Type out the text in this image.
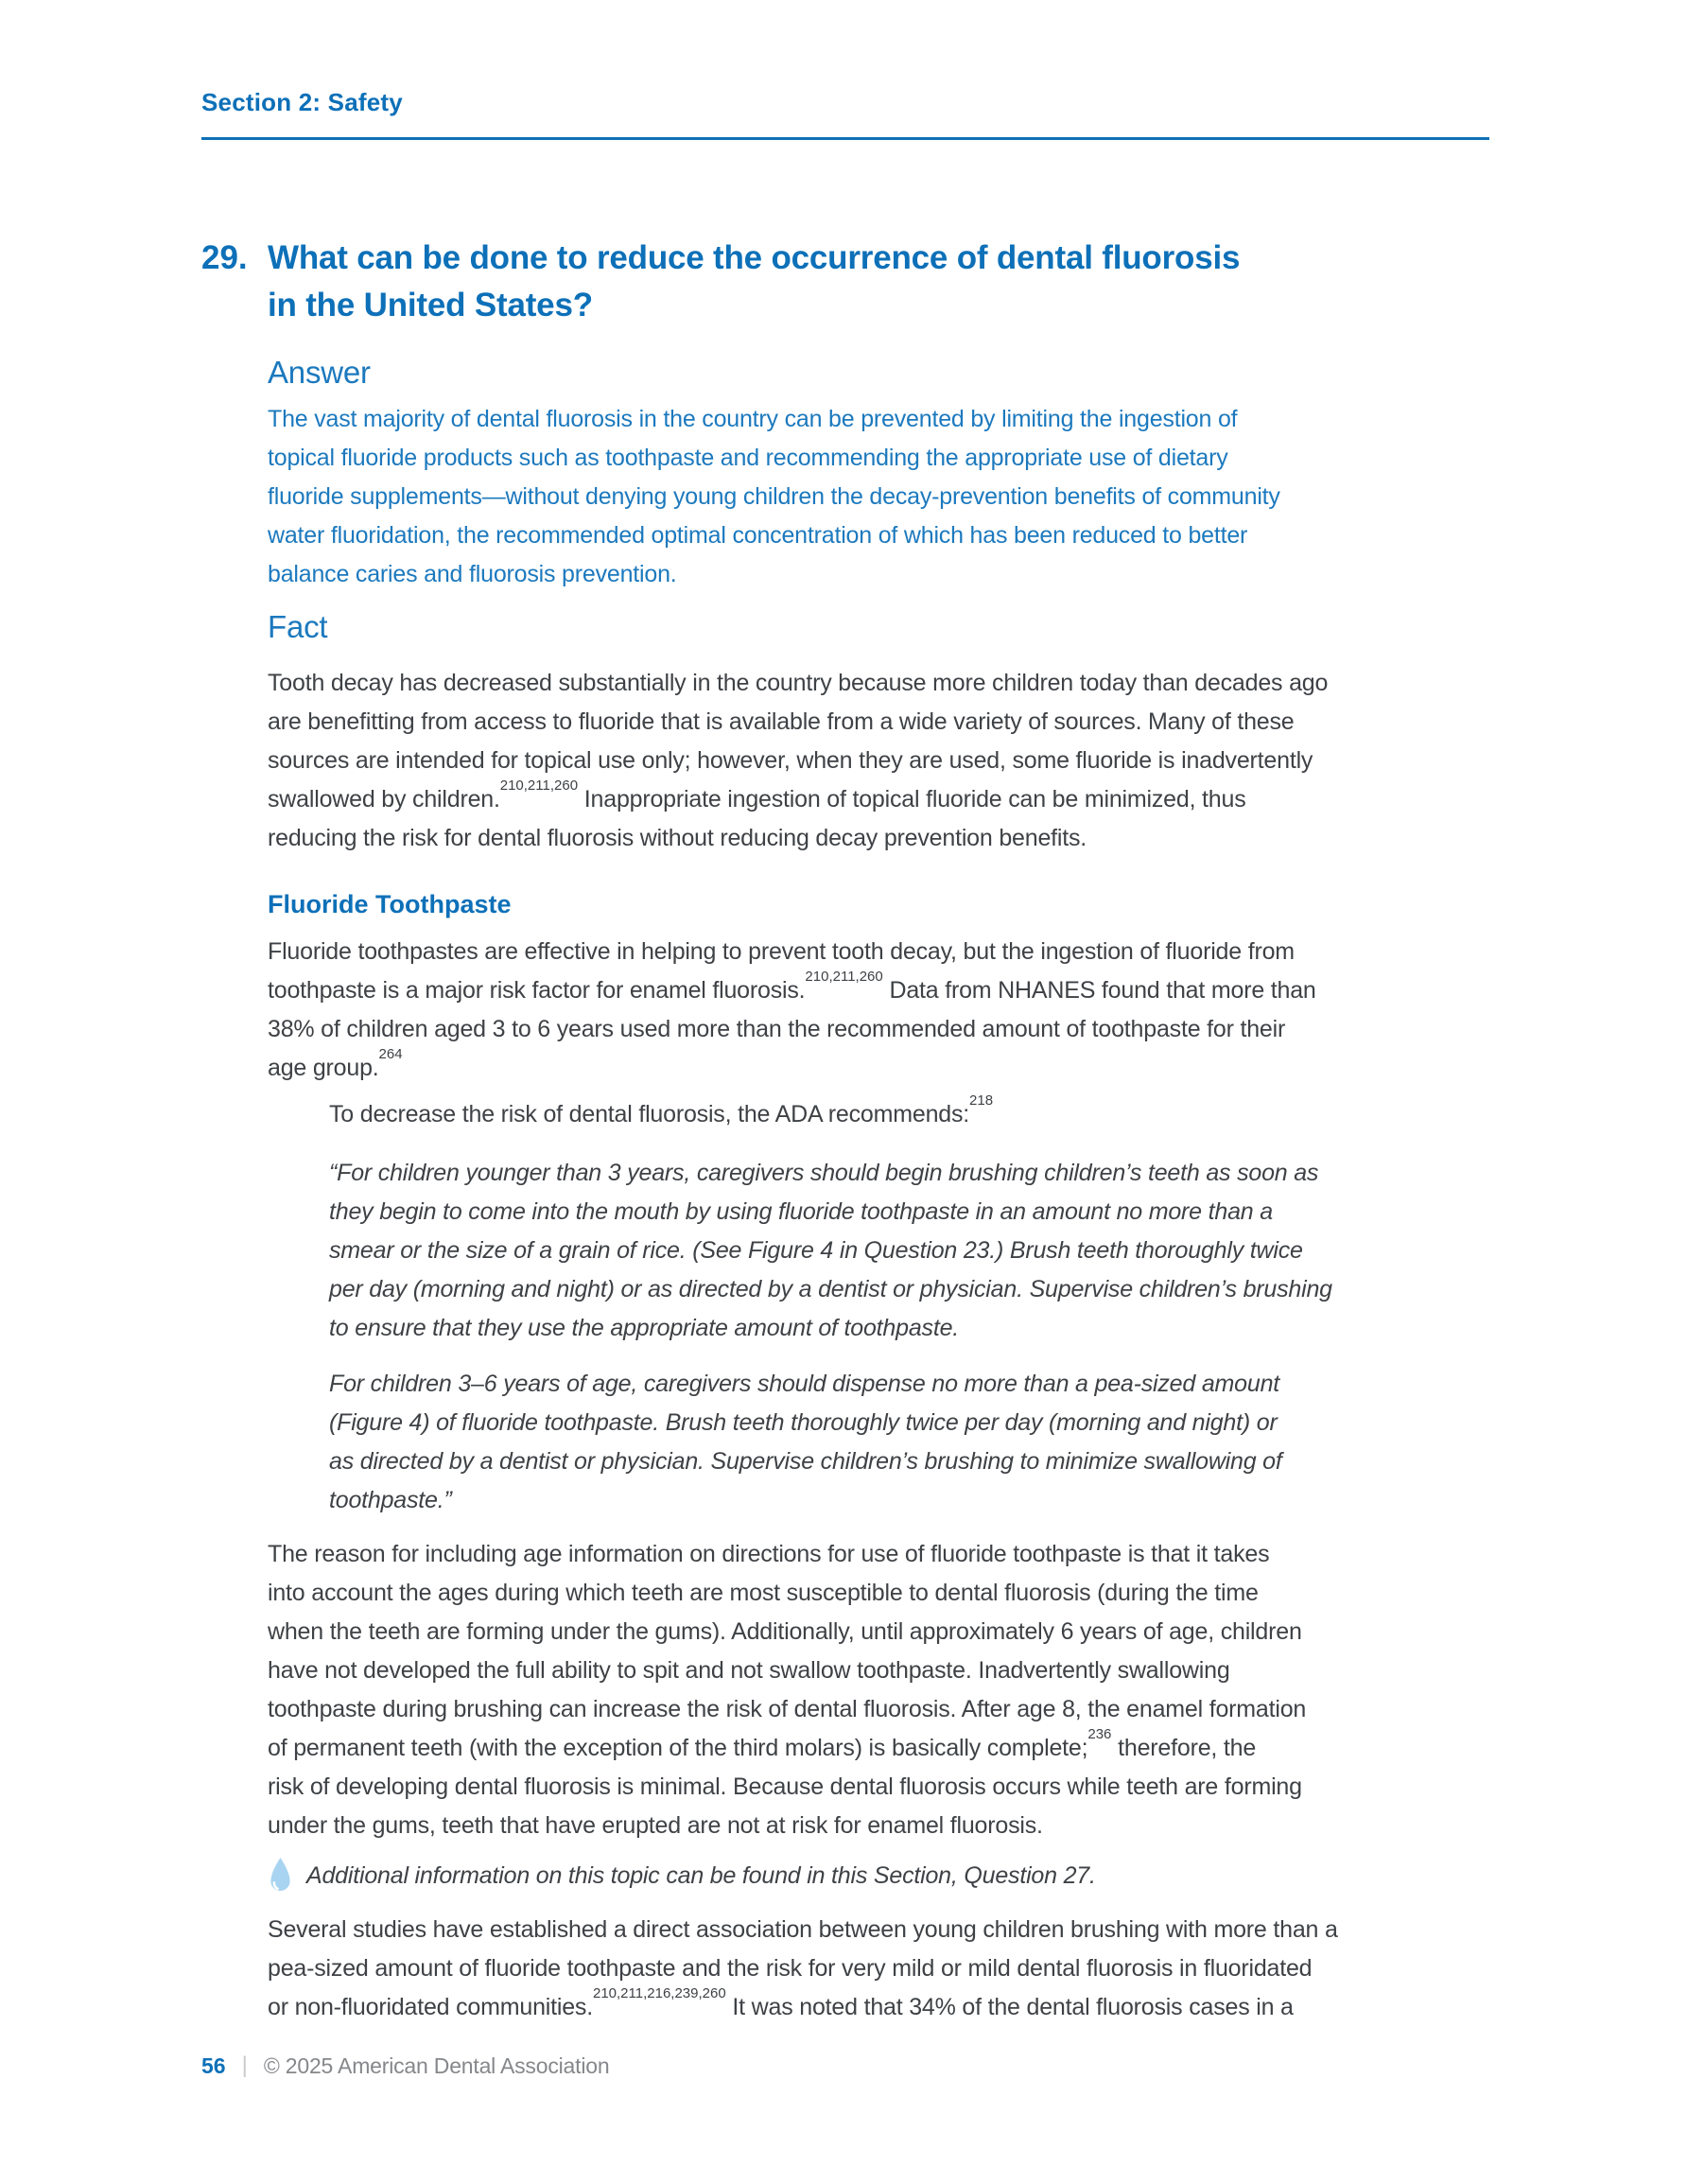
Section 2: Safety
29. What can be done to reduce the occurrence of dental fluorosis
in the United States?
Answer

The vast majority of dental fluorosis in the country can be prevented by limiting the ingestion of
topical fluoride products such as toothpaste and recommending the appropriate use of dietary
fluoride supplements—without denying young children the decay-prevention benefits of community
water fluoridation, the recommended optimal concentration of which has been reduced to better
balance caries and fluorosis prevention.

Fact

Tooth decay has decreased substantially in the country because more children today than decades ago
are benefitting from access to fluoride that is available from a wide variety of sources. Many of these
sources are intended for topical use only; however, when they are used, some fluoride is inadvertently
swallowed by children.$^{210,211,260}$ Inappropriate ingestion of topical fluoride can be minimized, thus
reducing the risk for dental fluorosis without reducing decay prevention benefits.

Fluoride Toothpaste

Fluoride toothpastes are effective in helping to prevent tooth decay, but the ingestion of fluoride from
toothpaste is a major risk factor for enamel fluorosis.$^{210,211,260}$ Data from NHANES found that more than
38% of children aged 3 to 6 years used more than the recommended amount of toothpaste for their
age group.$^{264}$

To decrease the risk of dental fluorosis, the ADA recommends:$^{218}$

“For children younger than 3 years, caregivers should begin brushing children’s teeth as soon as
they begin to come into the mouth by using fluoride toothpaste in an amount no more than a
smear or the size of a grain of rice. (See Figure 4 in Question 23.) Brush teeth thoroughly twice
per day (morning and night) or as directed by a dentist or physician. Supervise children’s brushing
to ensure that they use the appropriate amount of toothpaste.

For children 3–6 years of age, caregivers should dispense no more than a pea-sized amount
(Figure 4) of fluoride toothpaste. Brush teeth thoroughly twice per day (morning and night) or
as directed by a dentist or physician. Supervise children’s brushing to minimize swallowing of
toothpaste.”

The reason for including age information on directions for use of fluoride toothpaste is that it takes
into account the ages during which teeth are most susceptible to dental fluorosis (during the time
when the teeth are forming under the gums). Additionally, until approximately 6 years of age, children
have not developed the full ability to spit and not swallow toothpaste. Inadvertently swallowing
toothpaste during brushing can increase the risk of dental fluorosis. After age 8, the enamel formation
of permanent teeth (with the exception of the third molars) is basically complete;$^{236}$ therefore, the
risk of developing dental fluorosis is minimal. Because dental fluorosis occurs while teeth are forming
under the gums, teeth that have erupted are not at risk for enamel fluorosis.

Additional information on this topic can be found in this Section, Question 27.

Several studies have established a direct association between young children brushing with more than a
pea-sized amount of fluoride toothpaste and the risk for very mild or mild dental fluorosis in fluoridated
or non-fluoridated communities.$^{210,211,216,239,260}$ It was noted that 34% of the dental fluorosis cases in a

56 | © 2025 American Dental Association
